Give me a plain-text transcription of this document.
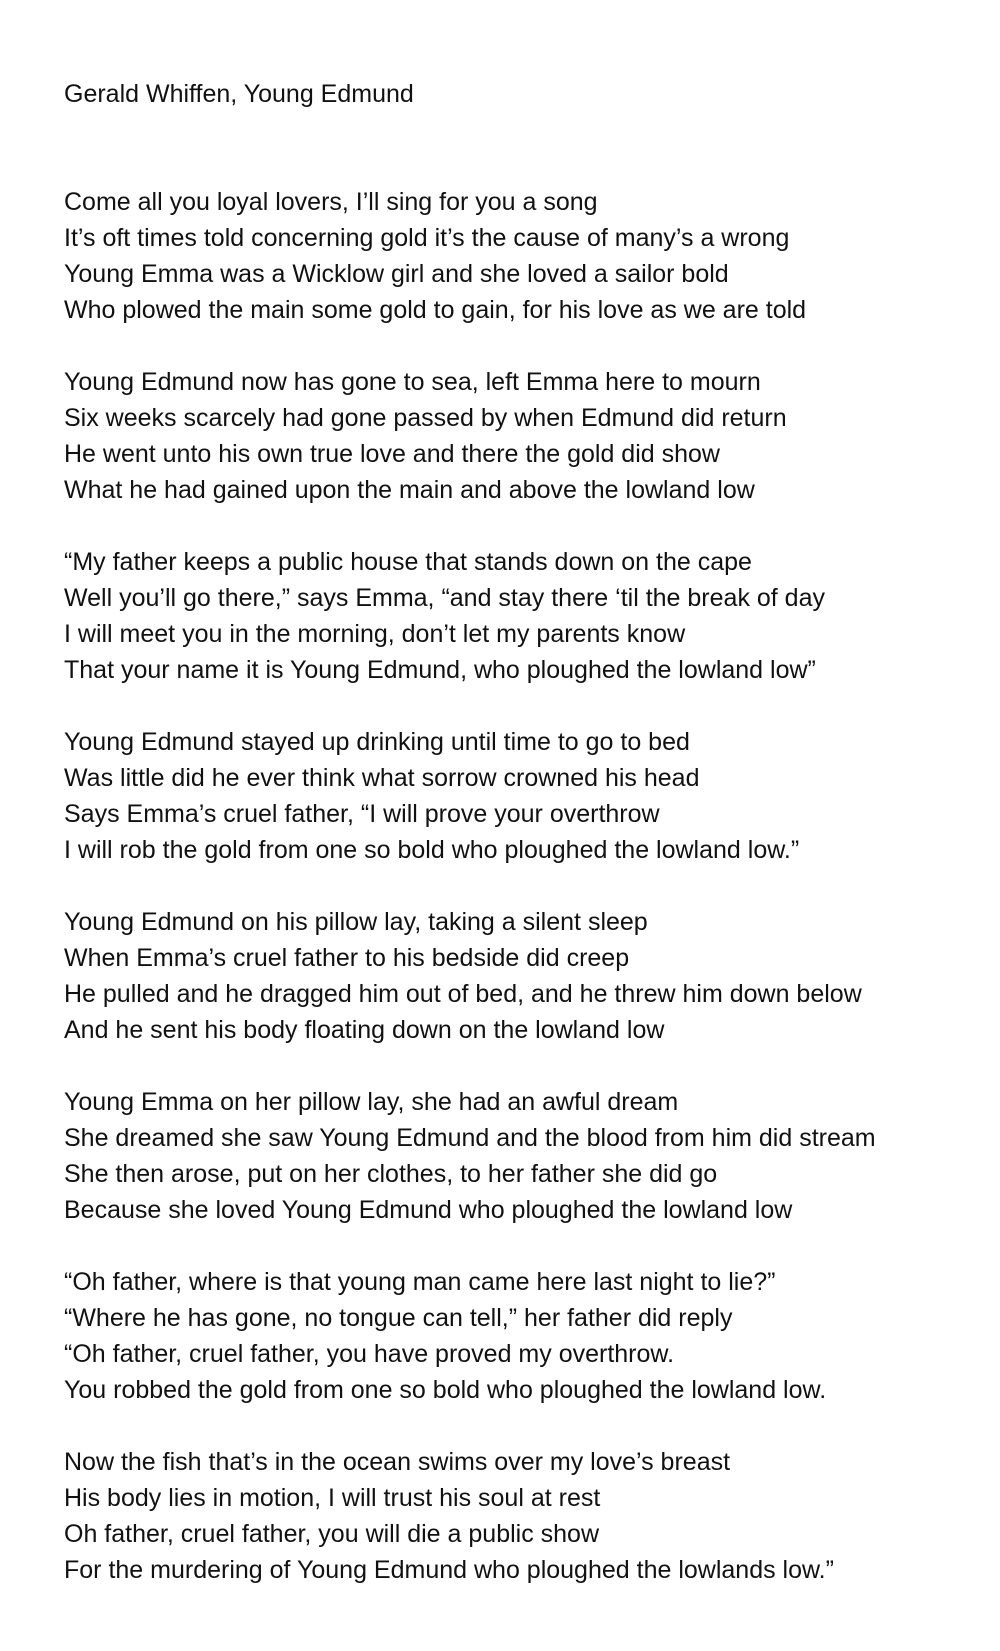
Gerald Whiffen, Young Edmund
Come all you loyal lovers, I’ll sing for you a song
It’s oft times told concerning gold it’s the cause of many’s a wrong
Young Emma was a Wicklow girl and she loved a sailor bold
Who plowed the main some gold to gain, for his love as we are told
Young Edmund now has gone to sea, left Emma here to mourn
Six weeks scarcely had gone passed by when Edmund did return
He went unto his own true love and there the gold did show
What he had gained upon the main and above the lowland low
“My father keeps a public house that stands down on the cape
Well you’ll go there,” says Emma, “and stay there ‘til the break of day
I will meet you in the morning, don’t let my parents know
That your name it is Young Edmund, who ploughed the lowland low”
Young Edmund stayed up drinking until time to go to bed
Was little did he ever think what sorrow crowned his head
Says Emma’s cruel father, “I will prove your overthrow
I will rob the gold from one so bold who ploughed the lowland low.”
Young Edmund on his pillow lay, taking a silent sleep
When Emma’s cruel father to his bedside did creep
He pulled and he dragged him out of bed, and he threw him down below
And he sent his body floating down on the lowland low
Young Emma on her pillow lay, she had an awful dream
She dreamed she saw Young Edmund and the blood from him did stream
She then arose, put on her clothes, to her father she did go
Because she loved Young Edmund who ploughed the lowland low
“Oh father, where is that young man came here last night to lie?”
“Where he has gone, no tongue can tell,” her father did reply
“Oh father, cruel father, you have proved my overthrow.
You robbed the gold from one so bold who ploughed the lowland low.
Now the fish that’s in the ocean swims over my love’s breast
His body lies in motion, I will trust his soul at rest
Oh father, cruel father, you will die a public show
For the murdering of Young Edmund who ploughed the lowlands low.”
